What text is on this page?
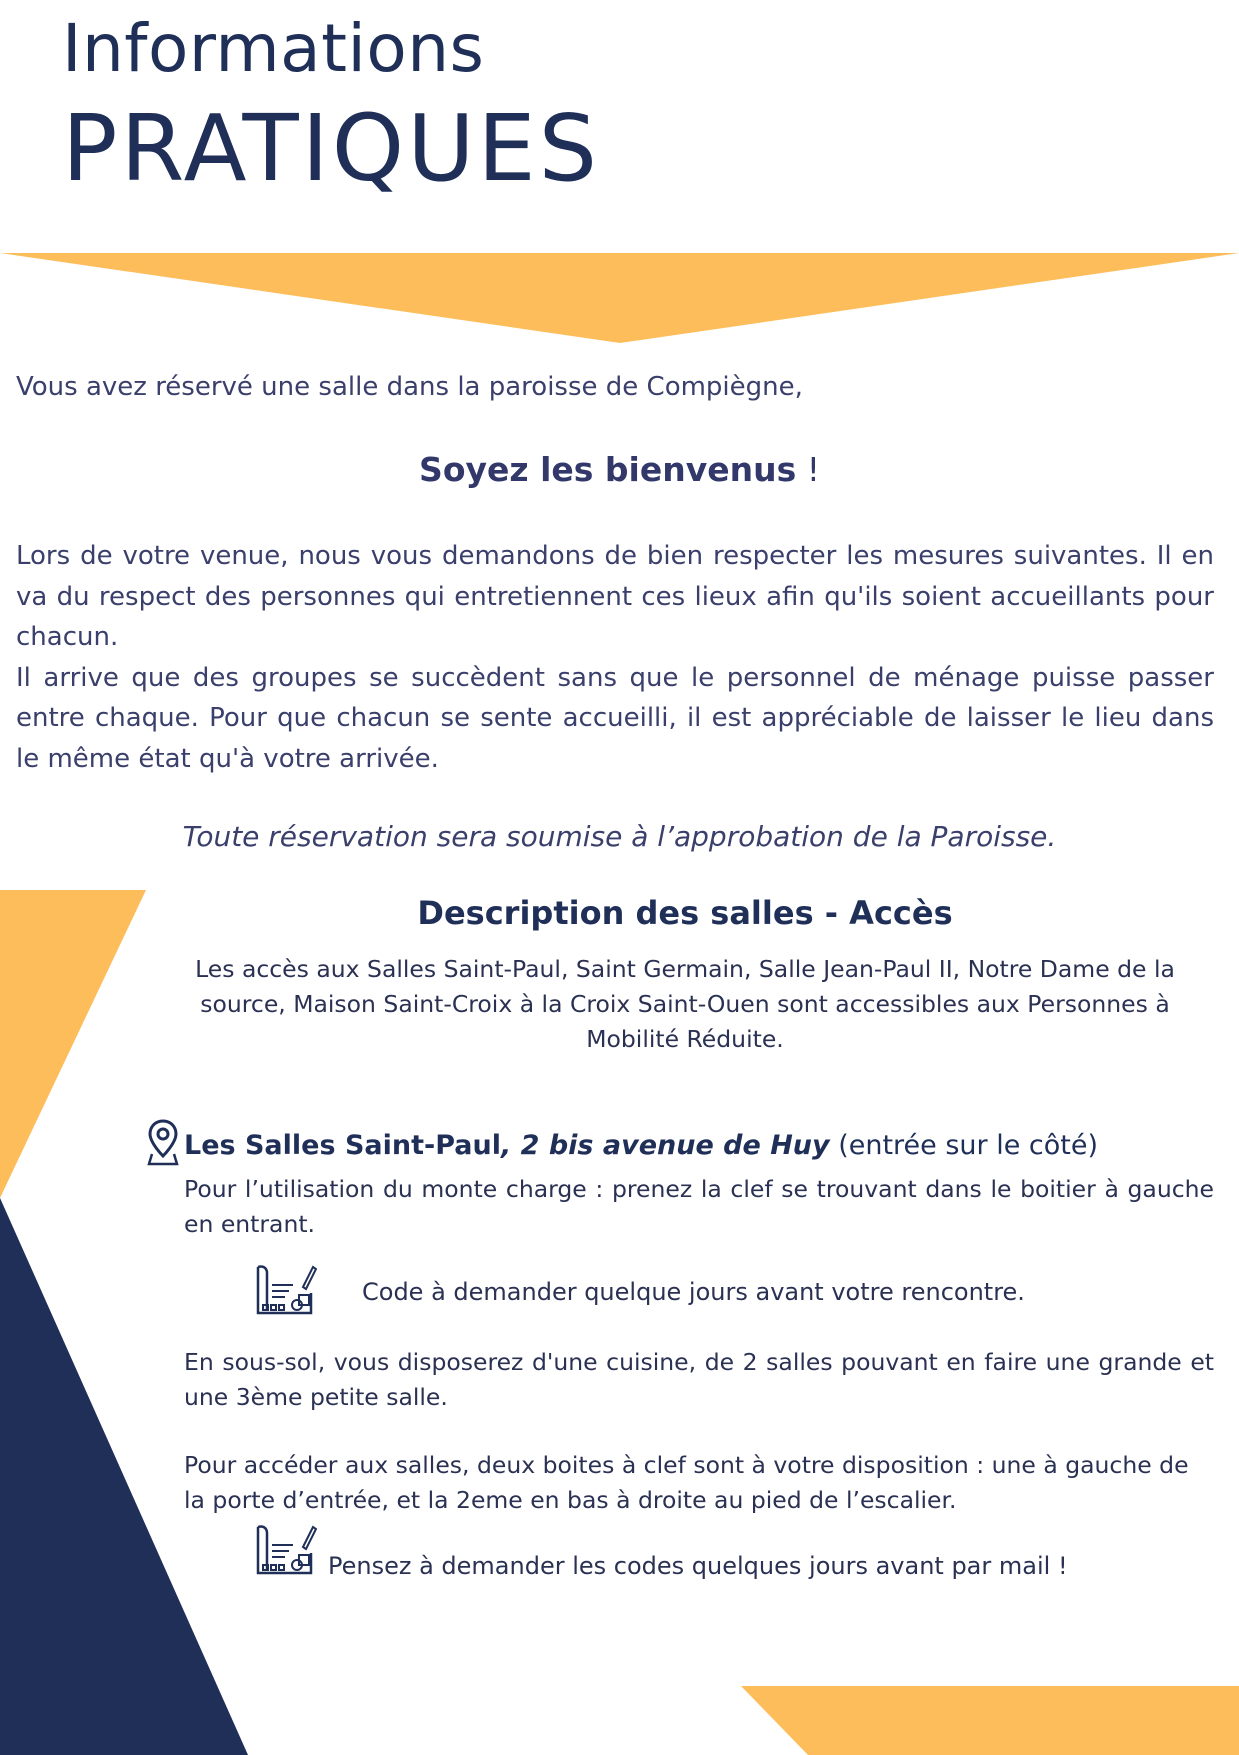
Informations
PRATIQUES

Vous avez réservé une salle dans la paroisse de Compiègne,

Soyez les bienvenus !

Lors de votre venue, nous vous demandons de bien respecter les mesures suivantes. Il en va du respect des personnes qui entretiennent ces lieux afin qu'ils soient accueillants pour chacun.

Il arrive que des groupes se succèdent sans que le personnel de ménage puisse passer entre chaque. Pour que chacun se sente accueilli, il est appréciable de laisser le lieu dans le même état qu'à votre arrivée.

Toute réservation sera soumise à l’approbation de la Paroisse.

Description des salles - Accès

Les accès aux Salles Saint-Paul, Saint Germain, Salle Jean-Paul II, Notre Dame de la source, Maison Saint-Croix à la Croix Saint-Ouen sont accessibles aux Personnes à Mobilité Réduite.

Les Salles Saint-Paul, 2 bis avenue de Huy (entrée sur le côté)

Pour l’utilisation du monte charge : prenez la clef se trouvant dans le boitier à gauche en entrant.

Code à demander quelque jours avant votre rencontre.

En sous-sol, vous disposerez d'une cuisine, de 2 salles pouvant en faire une grande et une 3ème petite salle.

Pour accéder aux salles, deux boites à clef sont à votre disposition : une à gauche de la porte d’entrée, et la 2eme en bas à droite au pied de l’escalier.

Pensez à demander les codes quelques jours avant par mail !
